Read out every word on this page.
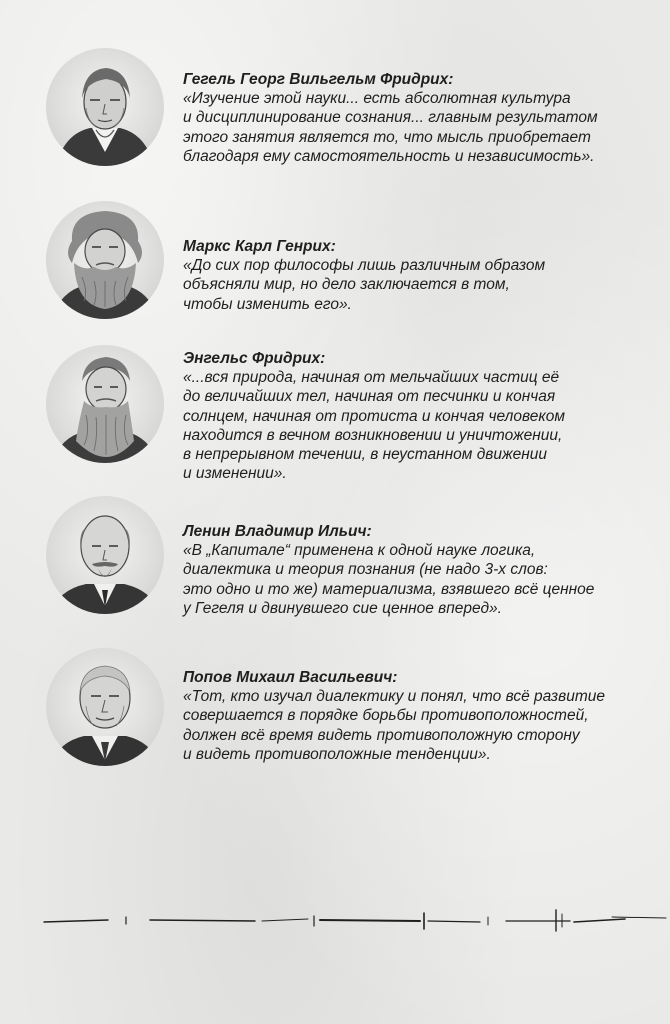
Гегель Георг Вильгельм Фридрих:
«Изучение этой науки... есть абсолютная культура
и дисциплинирование сознания... главным результатом
этого занятия является то, что мысль приобретает
благодаря ему самостоятельность и независимость».
Маркс Карл Генрих:
«До сих пор философы лишь различным образом
объясняли мир, но дело заключается в том,
чтобы изменить его».
Энгельс Фридрих:
«...вся природа, начиная от мельчайших частиц её
до величайших тел, начиная от песчинки и кончая
солнцем, начиная от протиста и кончая человеком
находится в вечном возникновении и уничтожении,
в непрерывном течении, в неустанном движении
и изменении».
Ленин Владимир Ильич:
«В „Капитале“ применена к одной науке логика,
диалектика и теория познания (не надо 3-х слов:
это одно и то же) материализма, взявшего всё ценное
у Гегеля и двинувшего сие ценное вперед».
Попов Михаил Васильевич:
«Тот, кто изучал диалектику и понял, что всё развитие
совершается в порядке борьбы противоположностей,
должен всё время видеть противоположную сторону
и видеть противоположные тенденции».
